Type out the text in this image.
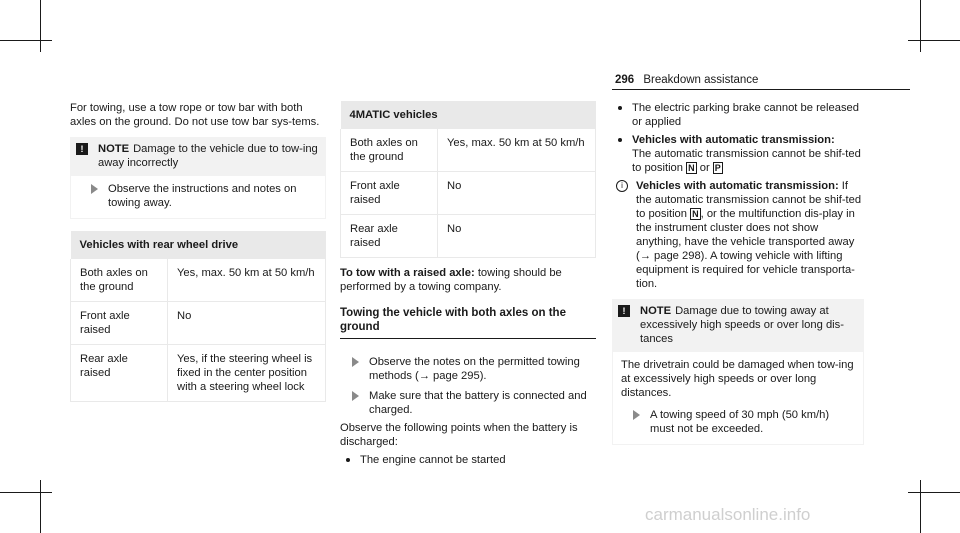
296 Breakdown assistance

For towing, use a tow rope or tow bar with both axles on the ground. Do not use tow bar sys-tems.

!	NOTE Damage to the vehicle due to tow-ing away incorrectly
Observe the instructions and notes on towing away.
Vehicles with rear wheel drive	
Both axles on the ground	Yes, max. 50 km at 50 km/h
Front axle raised	No
Rear axle raised	Yes, if the steering wheel is fixed in the center position with a steering wheel lock
4MATIC vehicles	
Both axles on the ground	Yes, max. 50 km at 50 km/h
Front axle raised	No
Rear axle raised	No

To tow with a raised axle: towing should be performed by a towing company.

Towing the vehicle with both axles on the ground
Observe the notes on the permitted towing methods (→ page 295).
Make sure that the battery is connected and charged.

Observe the following points when the battery is discharged:

The engine cannot be started
The electric parking brake cannot be released or applied
Vehicles with automatic transmission:
The automatic transmission cannot be shif-ted to position N or P
i	Vehicles with automatic transmission: If the automatic transmission cannot be shif-ted to position N , or the multifunction dis-play in the instrument cluster does not show anything, have the vehicle transported away (→ page 298). A towing vehicle with lifting equipment is required for vehicle transporta-tion.
!	NOTE Damage due to towing away at excessively high speeds or over long dis-tances
The drivetrain could be damaged when tow-ing at excessively high speeds or over long distances.
A towing speed of 30 mph (50 km/h) must not be exceeded.
carmanualsonline.info
